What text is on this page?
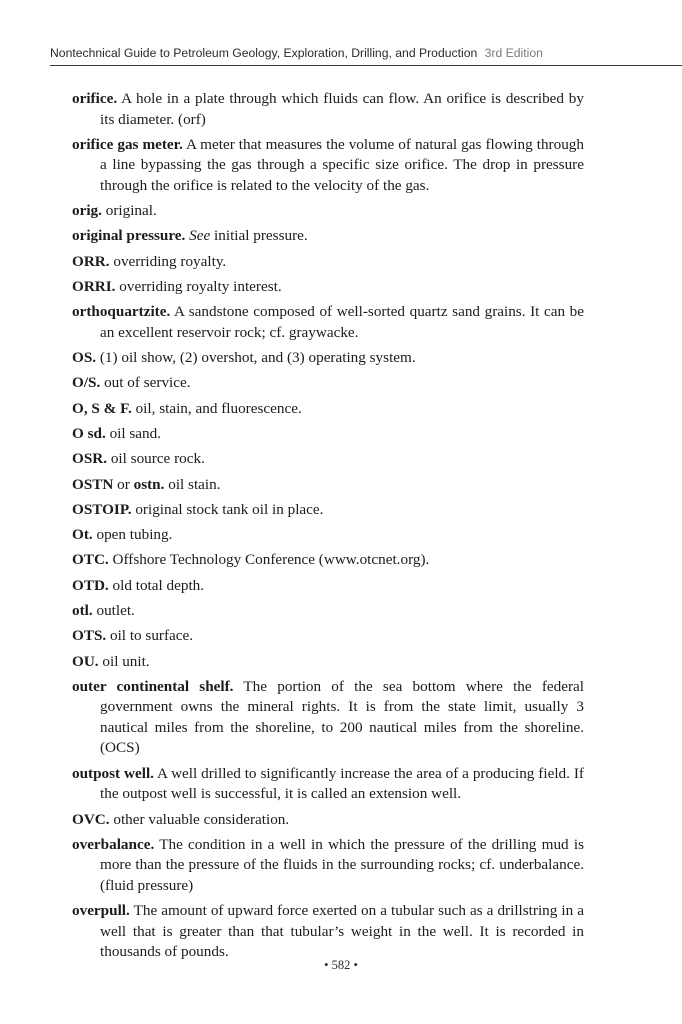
Nontechnical Guide to Petroleum Geology, Exploration, Drilling, and Production 3rd Edition

orifice. A hole in a plate through which fluids can flow. An orifice is described by its diameter. (orf)

orifice gas meter. A meter that measures the volume of natural gas flowing through a line bypassing the gas through a specific size orifice. The drop in pressure through the orifice is related to the velocity of the gas.

orig. original.

original pressure. See initial pressure.

ORR. overriding royalty.

ORRI. overriding royalty interest.

orthoquartzite. A sandstone composed of well-sorted quartz sand grains. It can be an excellent reservoir rock; cf. graywacke.

OS. (1) oil show, (2) overshot, and (3) operating system.

O/S. out of service.

O, S & F. oil, stain, and fluorescence.

O sd. oil sand.

OSR. oil source rock.

OSTN or ostn. oil stain.

OSTOIP. original stock tank oil in place.

Ot. open tubing.

OTC. Offshore Technology Conference (www.otcnet.org).

OTD. old total depth.

otl. outlet.

OTS. oil to surface.

OU. oil unit.

outer continental shelf. The portion of the sea bottom where the federal government owns the mineral rights. It is from the state limit, usually 3 nautical miles from the shoreline, to 200 nautical miles from the shoreline. (OCS)

outpost well. A well drilled to significantly increase the area of a producing field. If the outpost well is successful, it is called an extension well.

OVC. other valuable consideration.

overbalance. The condition in a well in which the pressure of the drilling mud is more than the pressure of the fluids in the surrounding rocks; cf. underbalance. (fluid pressure)

overpull. The amount of upward force exerted on a tubular such as a drillstring in a well that is greater than that tubular’s weight in the well. It is recorded in thousands of pounds.

• 582 •
